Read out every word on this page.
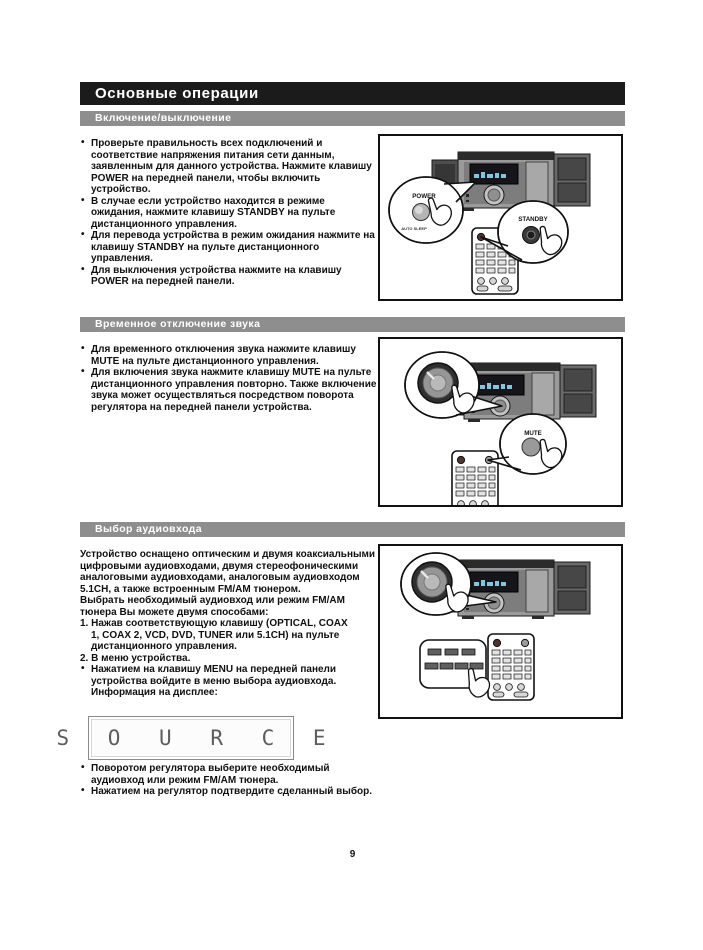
Основные операции
Включение/выключение
• Проверьте правильность всех подключений и соответствие напряжения питания сети данным, заявленным для данного устройства. Нажмите клавишу POWER на передней панели, чтобы включить устройство.
• В случае если устройство находится в режиме ожидания, нажмите клавишу STANDBY на пульте дистанционного управления.
• Для перевода устройства в режим ожидания нажмите на клавишу STANDBY на пульте дистанционного управления.
• Для выключения устройства нажмите на клавишу POWER на передней панели.
POWER
AUTO SLEEP
STANDBY
Временное отключение звука
• Для временного отключения звука нажмите клавишу MUTE на пульте дистанционного управления.
• Для включения звука нажмите клавишу MUTE на пульте дистанционного управления повторно. Также включение звука может осуществляться посредством поворота регулятора на передней панели устройства.
MUTE
Выбор аудиовхода

Устройство оснащено оптическим и двумя коаксиальными цифровыми аудиовходами, двумя стереофоническими аналоговыми аудиовходами, аналоговым аудиовходом 5.1CH, а также встроенным FM/AM тюнером.

Выбрать необходимый аудиовход или режим FM/AM тюнера Вы можете двумя способами:

1. Нажав соответствующую клавишу (OPTICAL, COAX 1, COAX 2, VCD, DVD, TUNER или 5.1CH) на пульте дистанционного управления.
2. В меню устройства.
• Нажатием на клавишу MENU на передней панели устройства войдите в меню выбора аудиовхода. Информация на дисплее:
S O U R C E
• Поворотом регулятора выберите необходимый аудиовход или режим FM/AM тюнера.
• Нажатием на регулятор подтвердите сделанный выбор.
9
